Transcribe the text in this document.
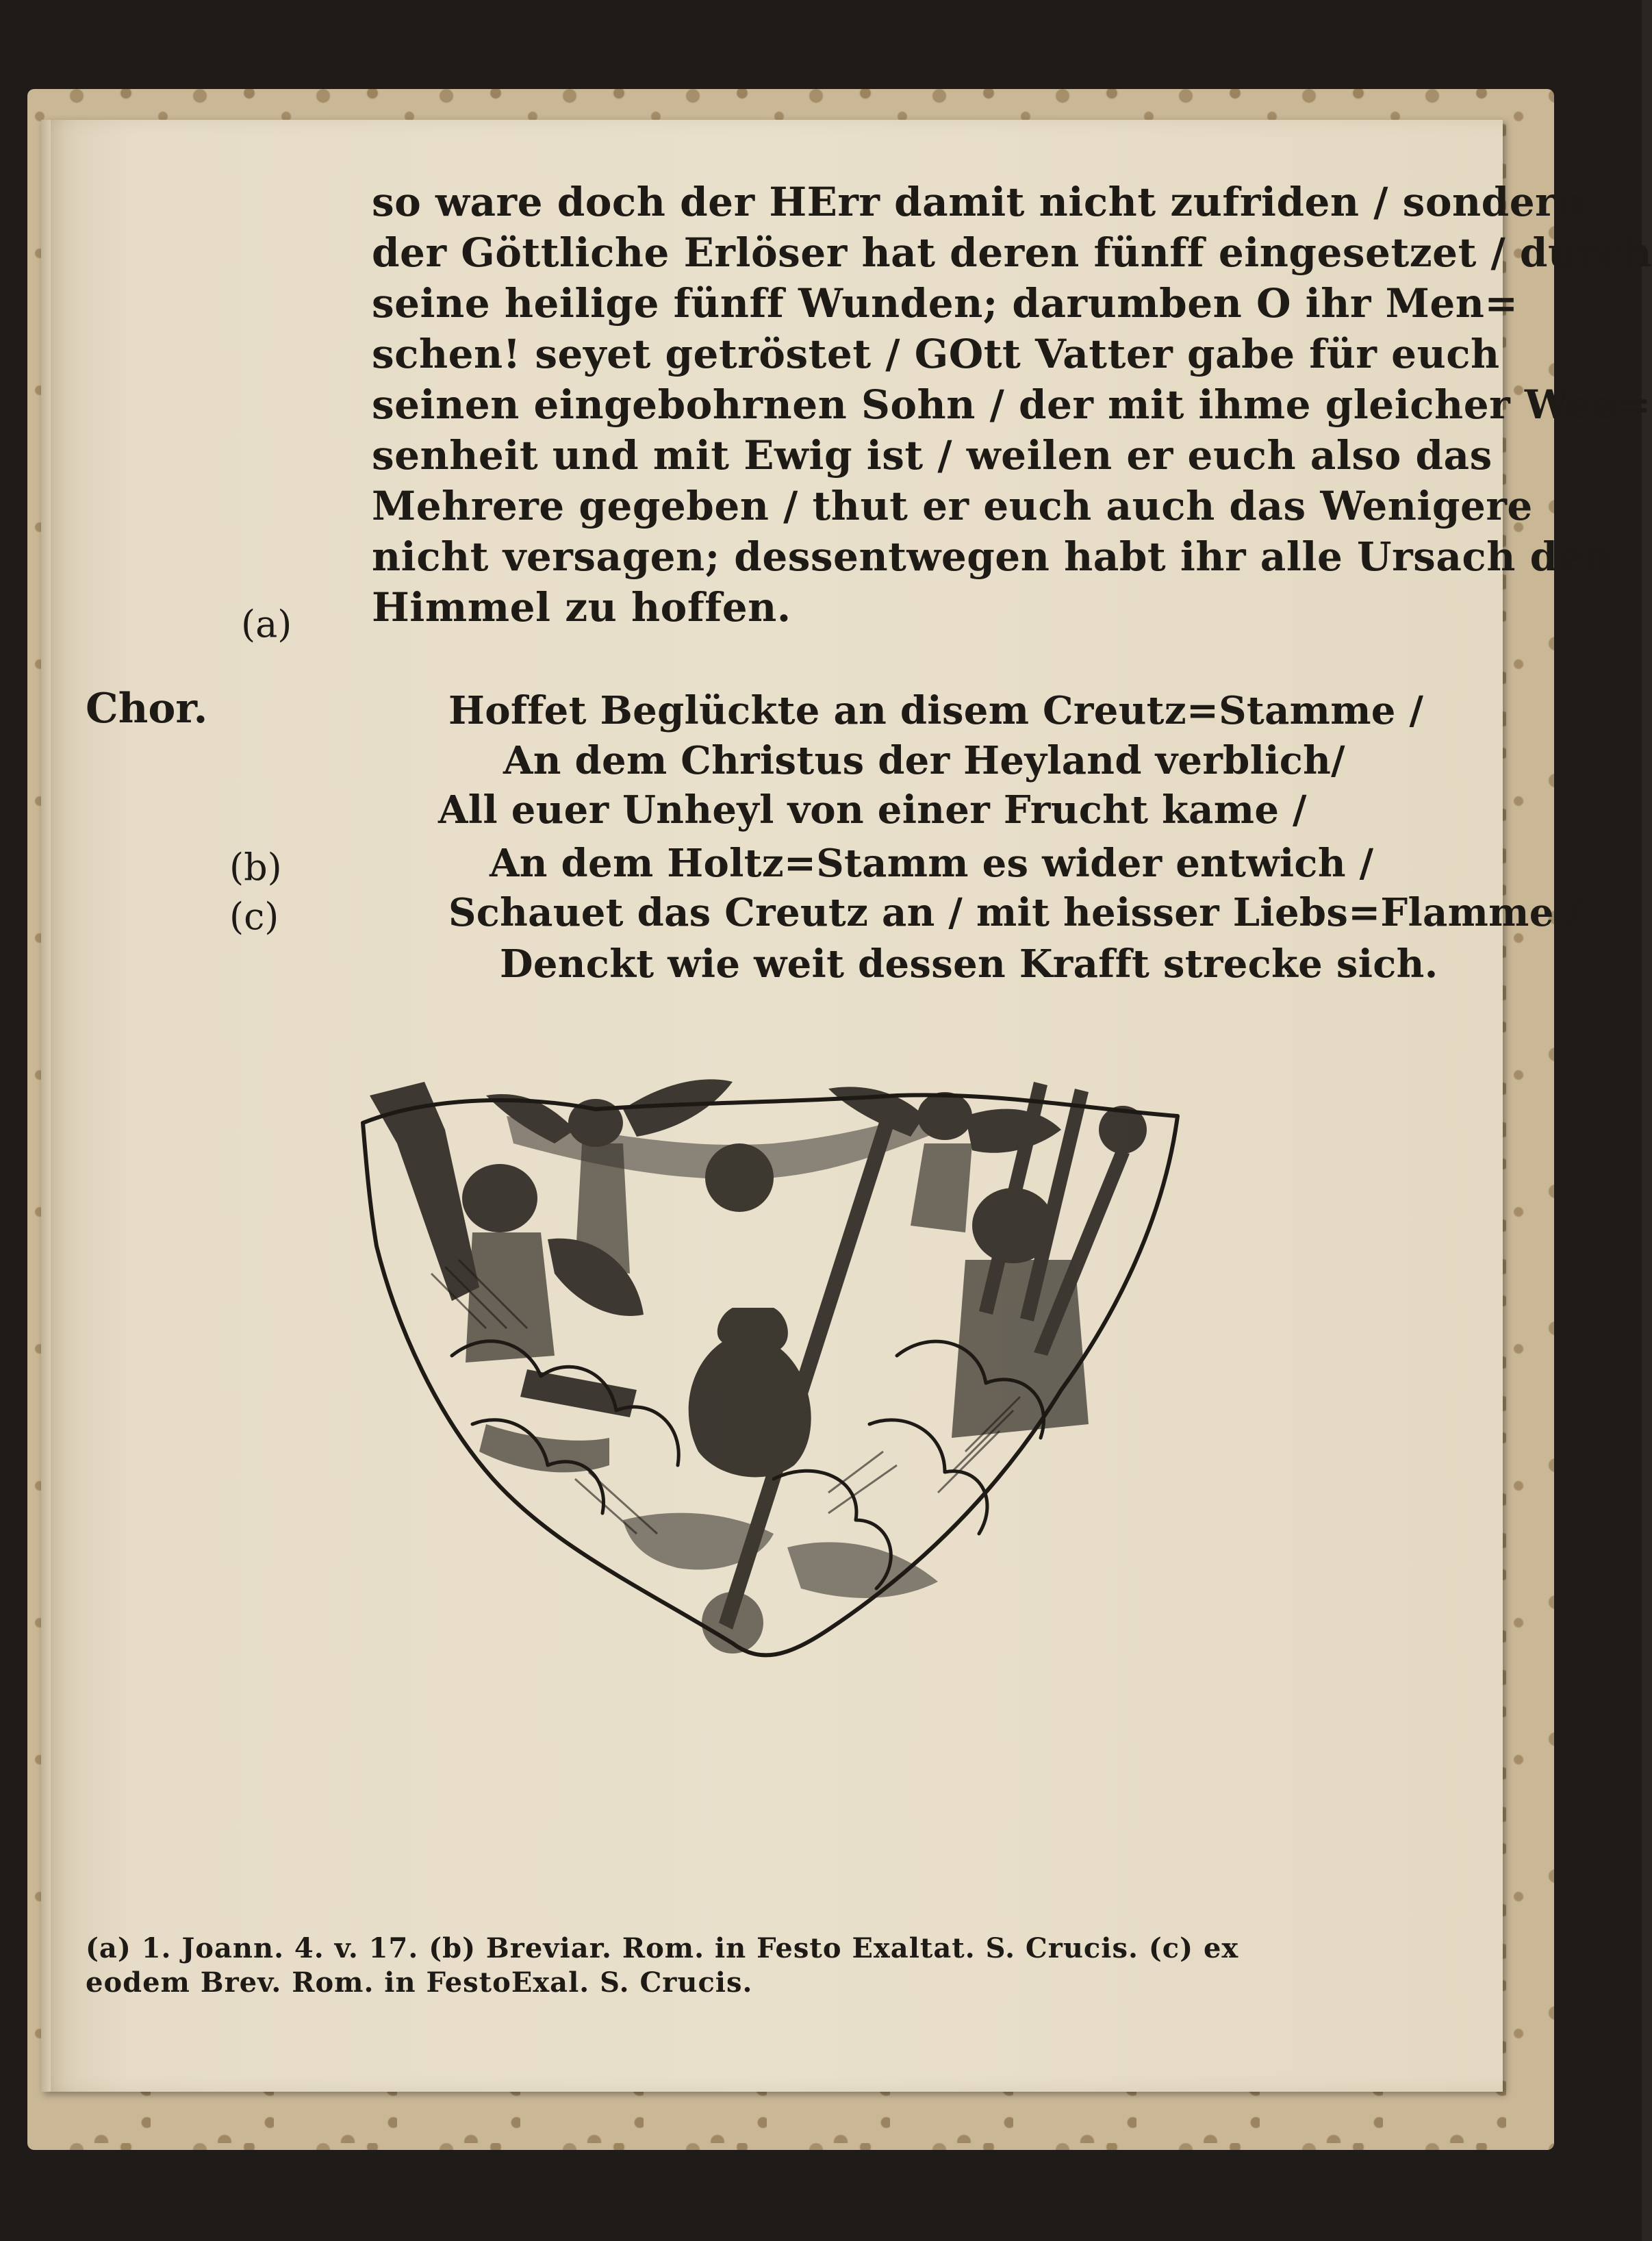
so ware doch der HErr damit nicht zufriden / sondern
der Göttliche Erlöser hat deren fünff eingesetzet / durch
seine heilige fünff Wunden; darumben O ihr Men=
schen! seyet getröstet / GOtt Vatter gabe für euch
seinen eingebohrnen Sohn / der mit ihme gleicher Wee=
senheit und mit Ewig ist / weilen er euch also das
Mehrere gegeben / thut er euch auch das Wenigere
nicht versagen; dessentwegen habt ihr alle Ursach den
Himmel zu hoffen.
(a)
(b)
(c)
Chor.	Hoffet Beglückte an disem Creutz=Stamme /
An dem Christus der Heyland verblich/
All euer Unheyl von einer Frucht kame /
An dem Holtz=Stamm es wider entwich /
Schauet das Creutz an / mit heisser Liebs=Flamme /
Denckt wie weit dessen Krafft strecke sich.
(a) 1. Joann. 4. v. 17. (b) Breviar. Rom. in Festo Exaltat. S. Crucis. (c) ex
eodem Brev. Rom. in FestoExal. S. Crucis.
